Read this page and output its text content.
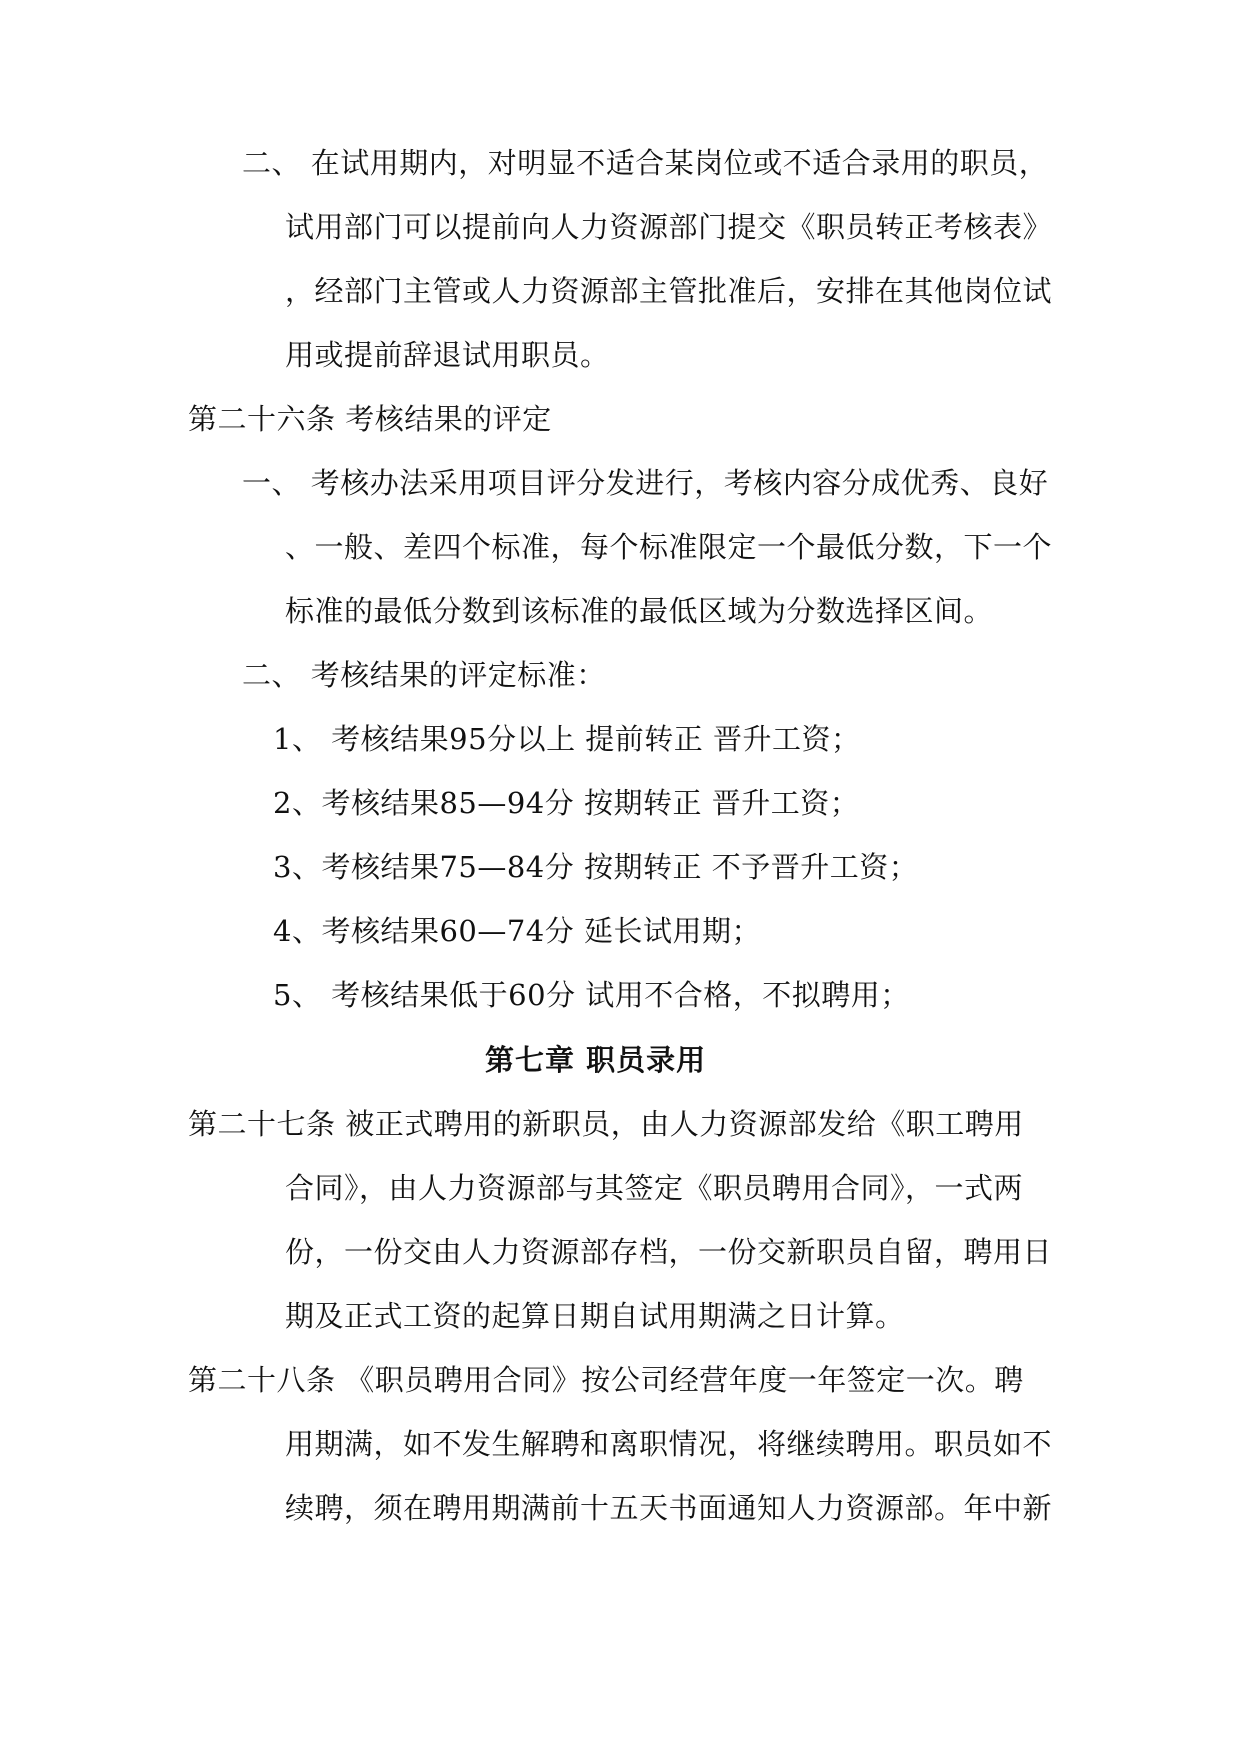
二、 在试用期内，对明显不适合某岗位或不适合录用的职员，
试用部门可以提前向人力资源部门提交《职员转正考核表》
，经部门主管或人力资源部主管批准后，安排在其他岗位试
用或提前辞退试用职员。
第二十六条 考核结果的评定
一、 考核办法采用项目评分发进行，考核内容分成优秀、良好
、一般、差四个标准，每个标准限定一个最低分数，下一个
标准的最低分数到该标准的最低区域为分数选择区间。
二、 考核结果的评定标准：
1、 考核结果95分以上 提前转正 晋升工资；
2、考核结果85—94分 按期转正 晋升工资；
3、考核结果75—84分 按期转正 不予晋升工资；
4、考核结果60—74分 延长试用期；
5、 考核结果低于60分 试用不合格，不拟聘用；
第七章 职员录用
第二十七条 被正式聘用的新职员，由人力资源部发给《职工聘用
合同》，由人力资源部与其签定《职员聘用合同》，一式两
份，一份交由人力资源部存档，一份交新职员自留，聘用日
期及正式工资的起算日期自试用期满之日计算。
第二十八条 《职员聘用合同》按公司经营年度一年签定一次。聘
用期满，如不发生解聘和离职情况，将继续聘用。职员如不
续聘，须在聘用期满前十五天书面通知人力资源部。年中新
